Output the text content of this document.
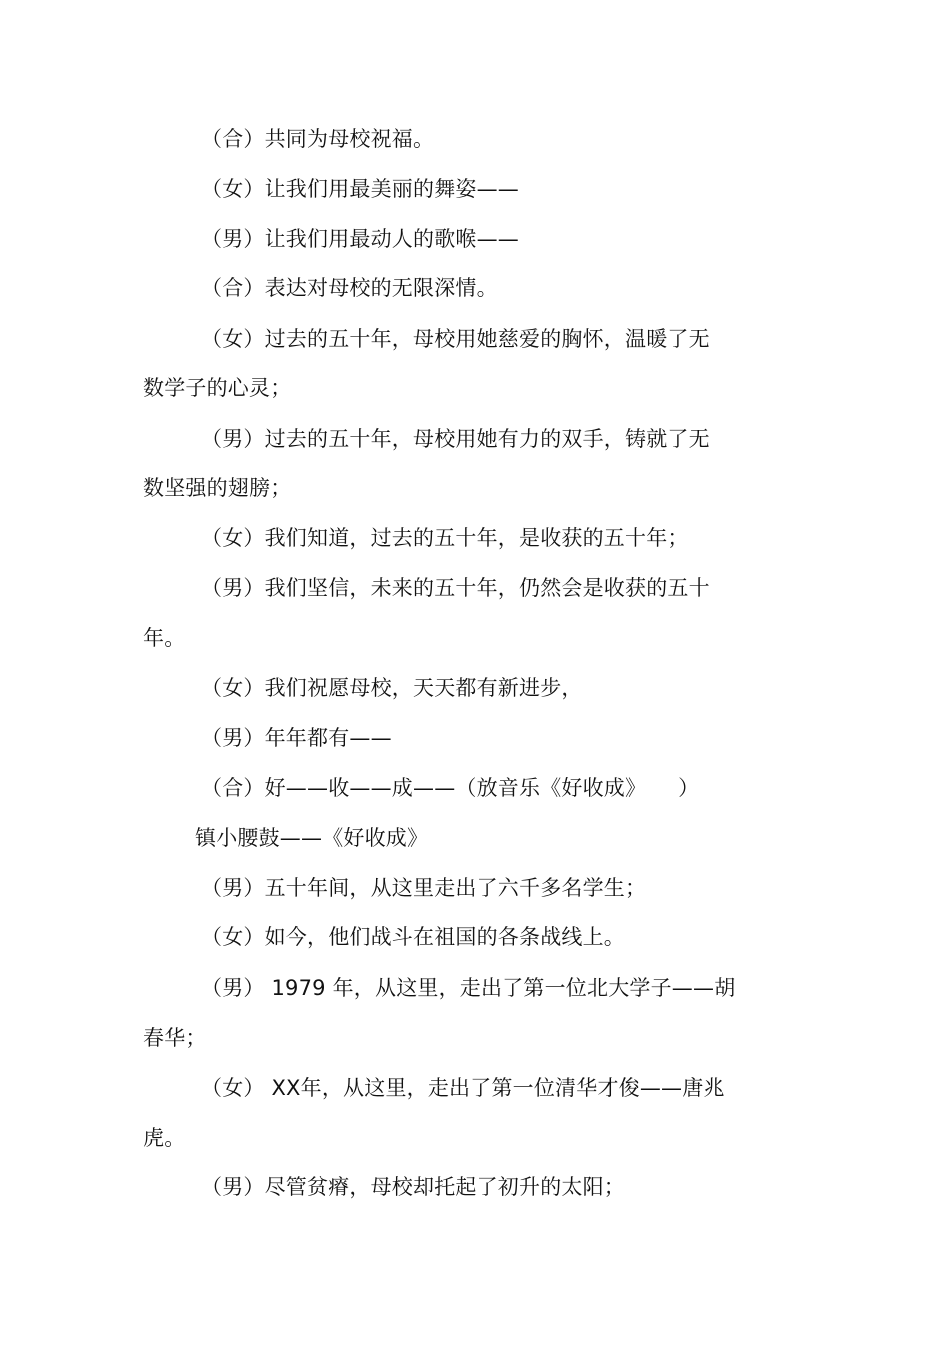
（合）共同为母校祝福。

（女）让我们用最美丽的舞姿——

（男）让我们用最动人的歌喉——

（合）表达对母校的无限深情。

（女）过去的五十年，母校用她慈爱的胸怀，温暖了无

数学子的心灵；

（男）过去的五十年，母校用她有力的双手，铸就了无

数坚强的翅膀；

（女）我们知道，过去的五十年，是收获的五十年；

（男）我们坚信，未来的五十年，仍然会是收获的五十

年。

（女）我们祝愿母校，天天都有新进步，

（男）年年都有——

（合）好——收——成——（放音乐《好收成》　　）

镇小腰鼓——《好收成》

（男）五十年间，从这里走出了六千多名学生；

（女）如今，他们战斗在祖国的各条战线上。

（男） 1979 年，从这里，走出了第一位北大学子——胡

春华；

（女） XX年，从这里，走出了第一位清华才俊——唐兆

虎。

（男）尽管贫瘠，母校却托起了初升的太阳；
